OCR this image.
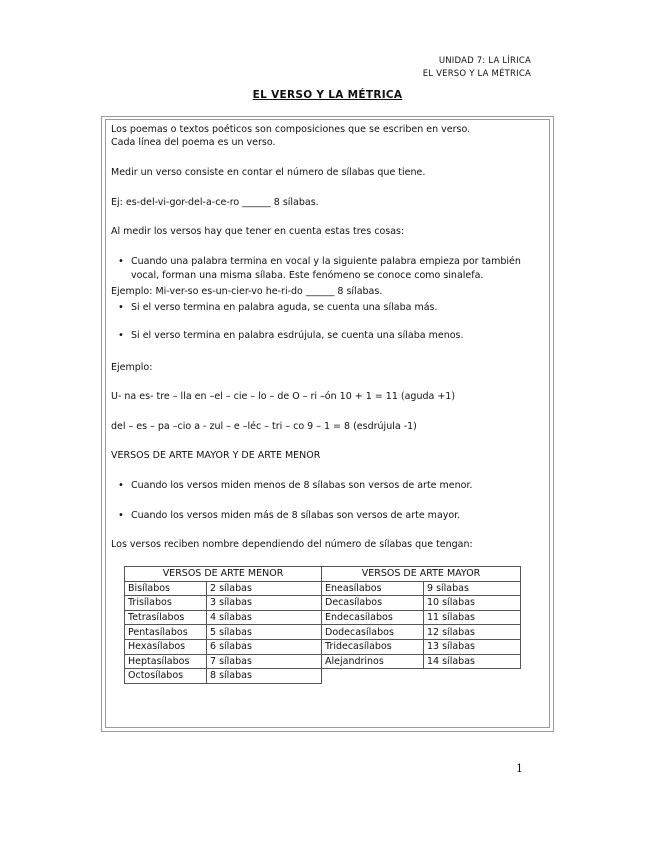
UNIDAD 7: LA LÍRICA
EL VERSO Y LA MÉTRICA
EL VERSO Y LA MÉTRICA
Los poemas o textos poéticos son composiciones que se escriben en verso.
Cada línea del poema es un verso.
Medir un verso consiste en contar el número de sílabas que tiene.
Ej: es-del-vi-gor-del-a-ce-ro ______ 8 sílabas.
Al medir los versos hay que tener en cuenta estas tres cosas:
• Cuando una palabra termina en vocal y la siguiente palabra empieza por también
vocal, forman una misma sílaba. Este fenómeno se conoce como sinalefa.
Ejemplo: Mi-ver-so es-un-cier-vo he-ri-do ______ 8 sílabas.
• Si el verso termina en palabra aguda, se cuenta una sílaba más.
• Si el verso termina en palabra esdrújula, se cuenta una sílaba menos.
Ejemplo:
U- na es- tre – lla en –el – cie – lo – de O – ri –ón 10 + 1 = 11 (aguda +1)
del – es – pa –cio a - zul – e –léc – tri – co 9 – 1 = 8 (esdrújula -1)
VERSOS DE ARTE MAYOR Y DE ARTE MENOR
• Cuando los versos miden menos de 8 sílabas son versos de arte menor.
• Cuando los versos miden más de 8 sílabas son versos de arte mayor.
Los versos reciben nombre dependiendo del número de sílabas que tengan:
VERSOS DE ARTE MENOR		VERSOS DE ARTE MAYOR	
Bisílabos	2 sílabas	Eneasílabos	9 sílabas
Trisílabos	3 sílabas	Decasílabos	10 sílabas
Tetrasílabos	4 sílabas	Endecasílabos	11 sílabas
Pentasílabos	5 sílabas	Dodecasílabos	12 sílabas
Hexasílabos	6 sílabas	Tridecasílabos	13 sílabas
Heptasílabos	7 sílabas	Alejandrinos	14 sílabas
Octosílabos	8 sílabas		
1
